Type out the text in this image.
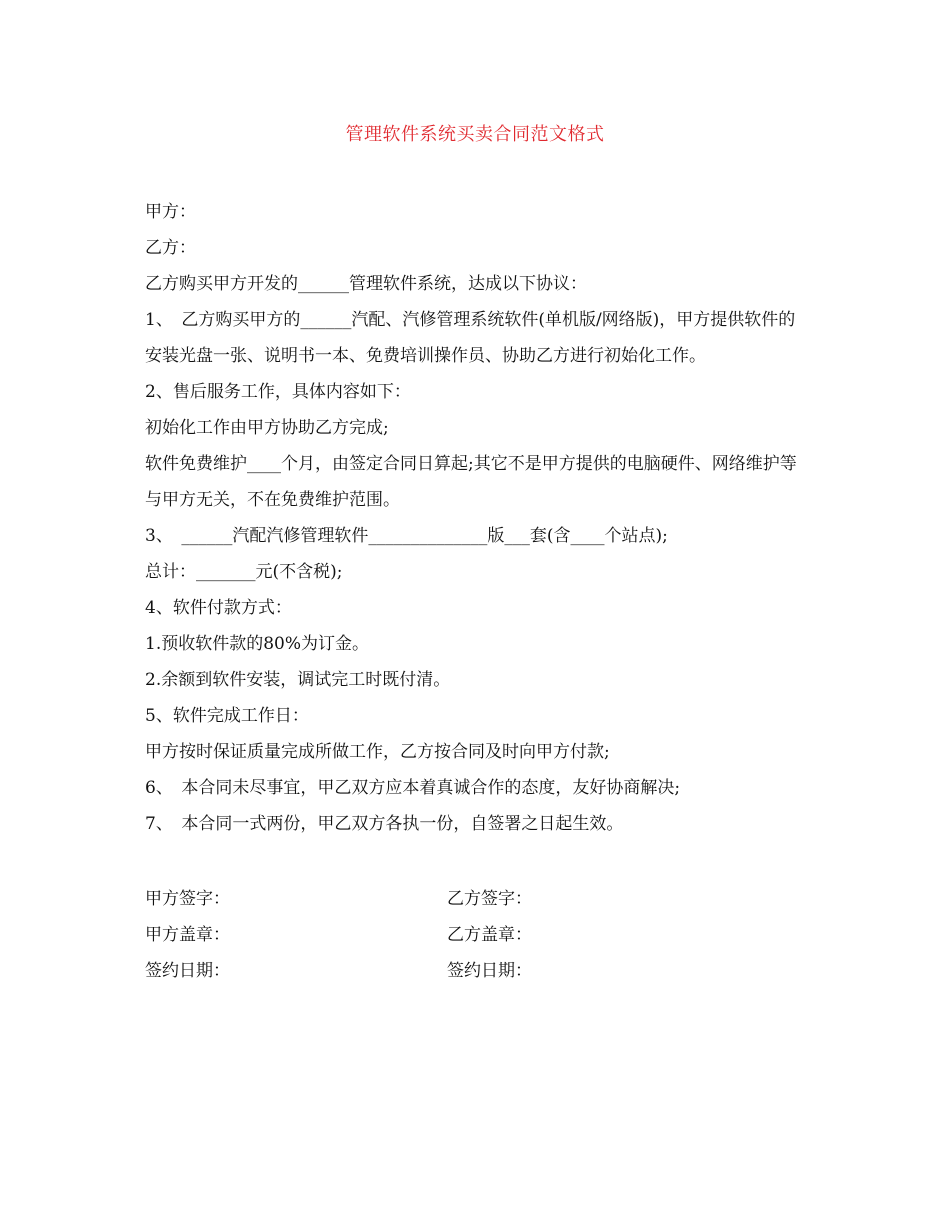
管理软件系统买卖合同范文格式

甲方：

乙方：

乙方购买甲方开发的______管理软件系统，达成以下协议：

1、　乙方购买甲方的______汽配、汽修管理系统软件(单机版/网络版)，甲方提供软件的安装光盘一张、说明书一本、免费培训操作员、协助乙方进行初始化工作。

2、售后服务工作，具体内容如下：

初始化工作由甲方协助乙方完成;

软件免费维护____个月，由签定合同日算起;其它不是甲方提供的电脑硬件、网络维护等与甲方无关，不在免费维护范围。

3、　______汽配汽修管理软件______________版___套(含____个站点);

总计：_______元(不含税);

4、软件付款方式：

1.预收软件款的80%为订金。

2.余额到软件安装，调试完工时既付清。

5、软件完成工作日：

甲方按时保证质量完成所做工作，乙方按合同及时向甲方付款;

6、　本合同未尽事宜，甲乙双方应本着真诚合作的态度，友好协商解决;

7、　本合同一式两份，甲乙双方各执一份，自签署之日起生效。

甲方签字：	乙方签字：
甲方盖章：	乙方盖章：
签约日期：	签约日期：
